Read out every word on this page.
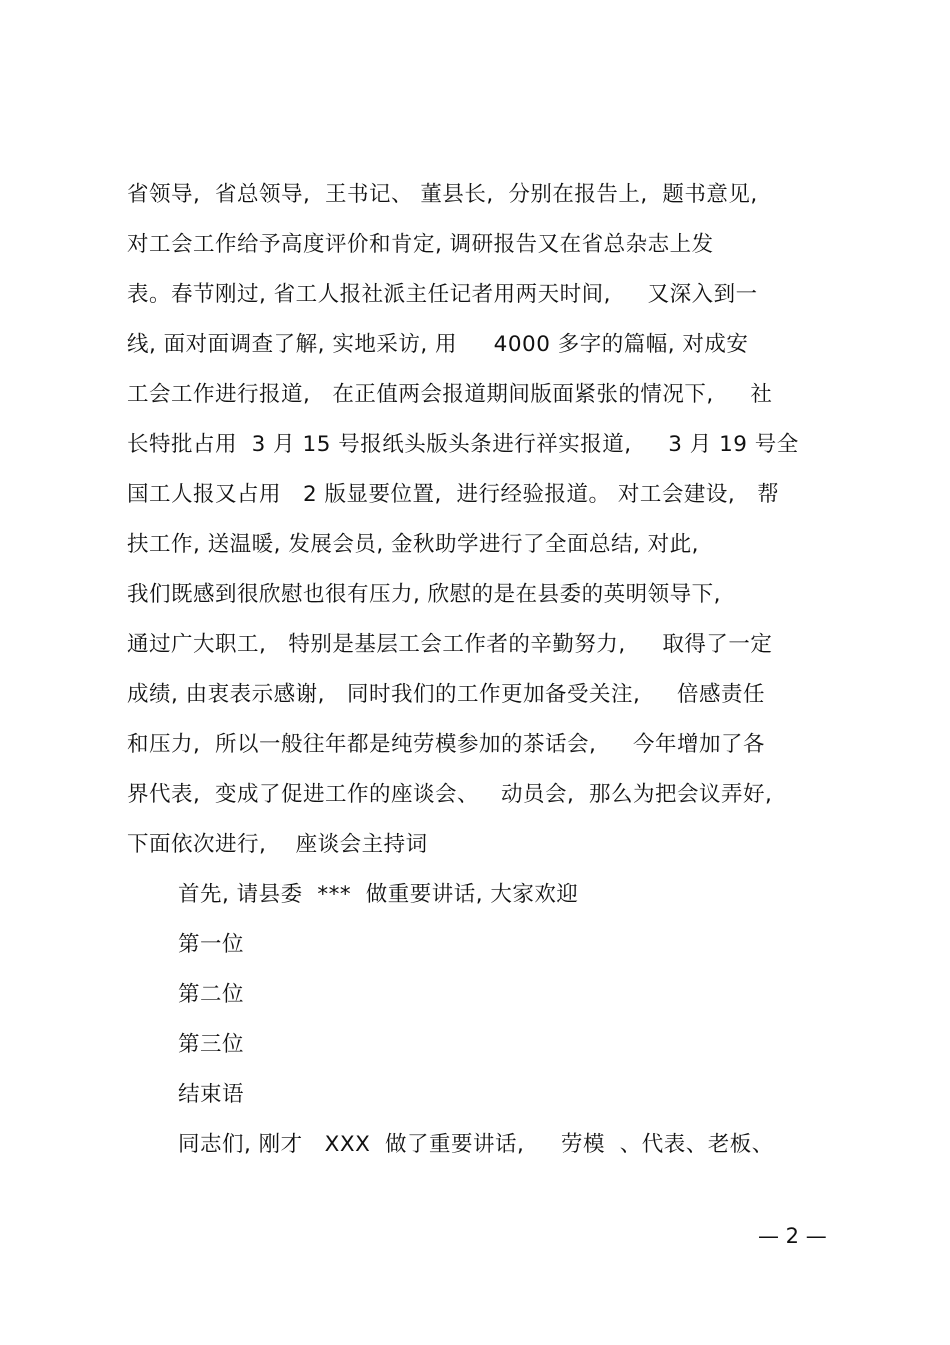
省领导,  省总领导,  王书记、 董县长,  分别在报告上,  题书意见,
对工会工作给予高度评价和肯定, 调研报告又在省总杂志上发
表。春节刚过, 省工人报社派主任记者用两天时间,     又深入到一
线, 面对面调查了解, 实地采访, 用     4000 多字的篇幅, 对成安
工会工作进行报道,   在正值两会报道期间版面紧张的情况下,     社
长特批占用  3 月 15 号报纸头版头条进行祥实报道,     3 月 19 号全
国工人报又占用   2 版显要位置,  进行经验报道。 对工会建设,   帮
扶工作, 送温暖, 发展会员, 金秋助学进行了全面总结, 对此,
我们既感到很欣慰也很有压力, 欣慰的是在县委的英明领导下,
通过广大职工,   特别是基层工会工作者的辛勤努力,     取得了一定
成绩, 由衷表示感谢,   同时我们的工作更加备受关注,     倍感责任
和压力,  所以一般往年都是纯劳模参加的茶话会,     今年增加了各
界代表,  变成了促进工作的座谈会、   动员会,  那么为把会议弄好,
下面依次进行,    座谈会主持词
首先, 请县委  ***  做重要讲话, 大家欢迎
第一位
第二位
第三位
结束语
同志们, 刚才   XXX  做了重要讲话,     劳模  、代表、老板、
— 2 —
